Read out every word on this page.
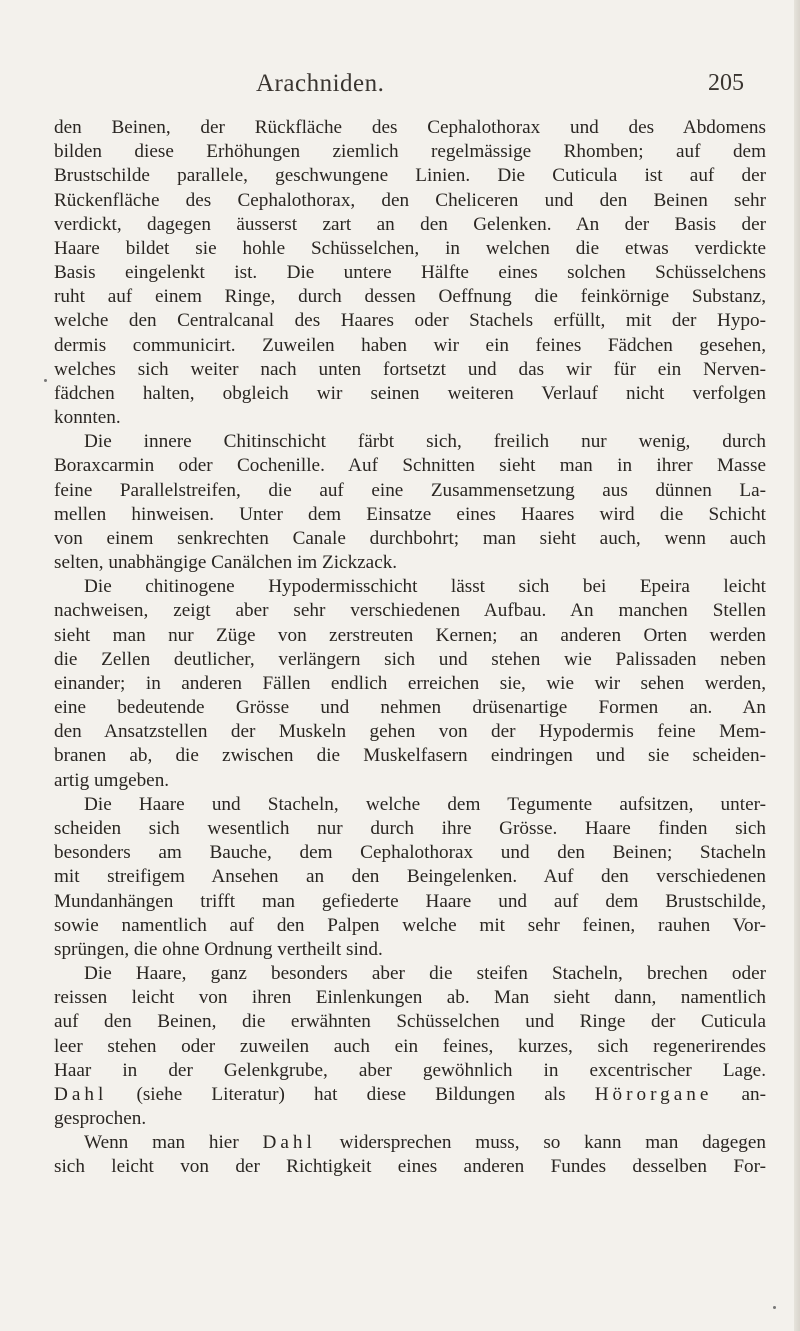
Arachniden.	205
den Beinen, der Rückfläche des Cephalothorax und des Abdomens
bilden diese Erhöhungen ziemlich regelmässige Rhomben; auf dem
Brustschilde parallele, geschwungene Linien. Die Cuticula ist auf der
Rückenfläche des Cephalothorax, den Cheliceren und den Beinen sehr
verdickt, dagegen äusserst zart an den Gelenken. An der Basis der
Haare bildet sie hohle Schüsselchen, in welchen die etwas verdickte
Basis eingelenkt ist. Die untere Hälfte eines solchen Schüsselchens
ruht auf einem Ringe, durch dessen Oeffnung die feinkörnige Substanz,
welche den Centralcanal des Haares oder Stachels erfüllt, mit der Hypo-
dermis communicirt. Zuweilen haben wir ein feines Fädchen gesehen,
welches sich weiter nach unten fortsetzt und das wir für ein Nerven-
fädchen halten, obgleich wir seinen weiteren Verlauf nicht verfolgen
konnten.
Die innere Chitinschicht färbt sich, freilich nur wenig, durch
Boraxcarmin oder Cochenille. Auf Schnitten sieht man in ihrer Masse
feine Parallelstreifen, die auf eine Zusammensetzung aus dünnen La-
mellen hinweisen. Unter dem Einsatze eines Haares wird die Schicht
von einem senkrechten Canale durchbohrt; man sieht auch, wenn auch
selten, unabhängige Canälchen im Zickzack.
Die chitinogene Hypodermisschicht lässt sich bei Epeira leicht
nachweisen, zeigt aber sehr verschiedenen Aufbau. An manchen Stellen
sieht man nur Züge von zerstreuten Kernen; an anderen Orten werden
die Zellen deutlicher, verlängern sich und stehen wie Palissaden neben
einander; in anderen Fällen endlich erreichen sie, wie wir sehen werden,
eine bedeutende Grösse und nehmen drüsenartige Formen an. An
den Ansatzstellen der Muskeln gehen von der Hypodermis feine Mem-
branen ab, die zwischen die Muskelfasern eindringen und sie scheiden-
artig umgeben.
Die Haare und Stacheln, welche dem Tegumente aufsitzen, unter-
scheiden sich wesentlich nur durch ihre Grösse. Haare finden sich
besonders am Bauche, dem Cephalothorax und den Beinen; Stacheln
mit streifigem Ansehen an den Beingelenken. Auf den verschiedenen
Mundanhängen trifft man gefiederte Haare und auf dem Brustschilde,
sowie namentlich auf den Palpen welche mit sehr feinen, rauhen Vor-
sprüngen, die ohne Ordnung vertheilt sind.
Die Haare, ganz besonders aber die steifen Stacheln, brechen oder
reissen leicht von ihren Einlenkungen ab. Man sieht dann, namentlich
auf den Beinen, die erwähnten Schüsselchen und Ringe der Cuticula
leer stehen oder zuweilen auch ein feines, kurzes, sich regenerirendes
Haar in der Gelenkgrube, aber gewöhnlich in excentrischer Lage.
Dahl (siehe Literatur) hat diese Bildungen als Hörorgane an-
gesprochen.
Wenn man hier Dahl widersprechen muss, so kann man dagegen
sich leicht von der Richtigkeit eines anderen Fundes desselben For-
